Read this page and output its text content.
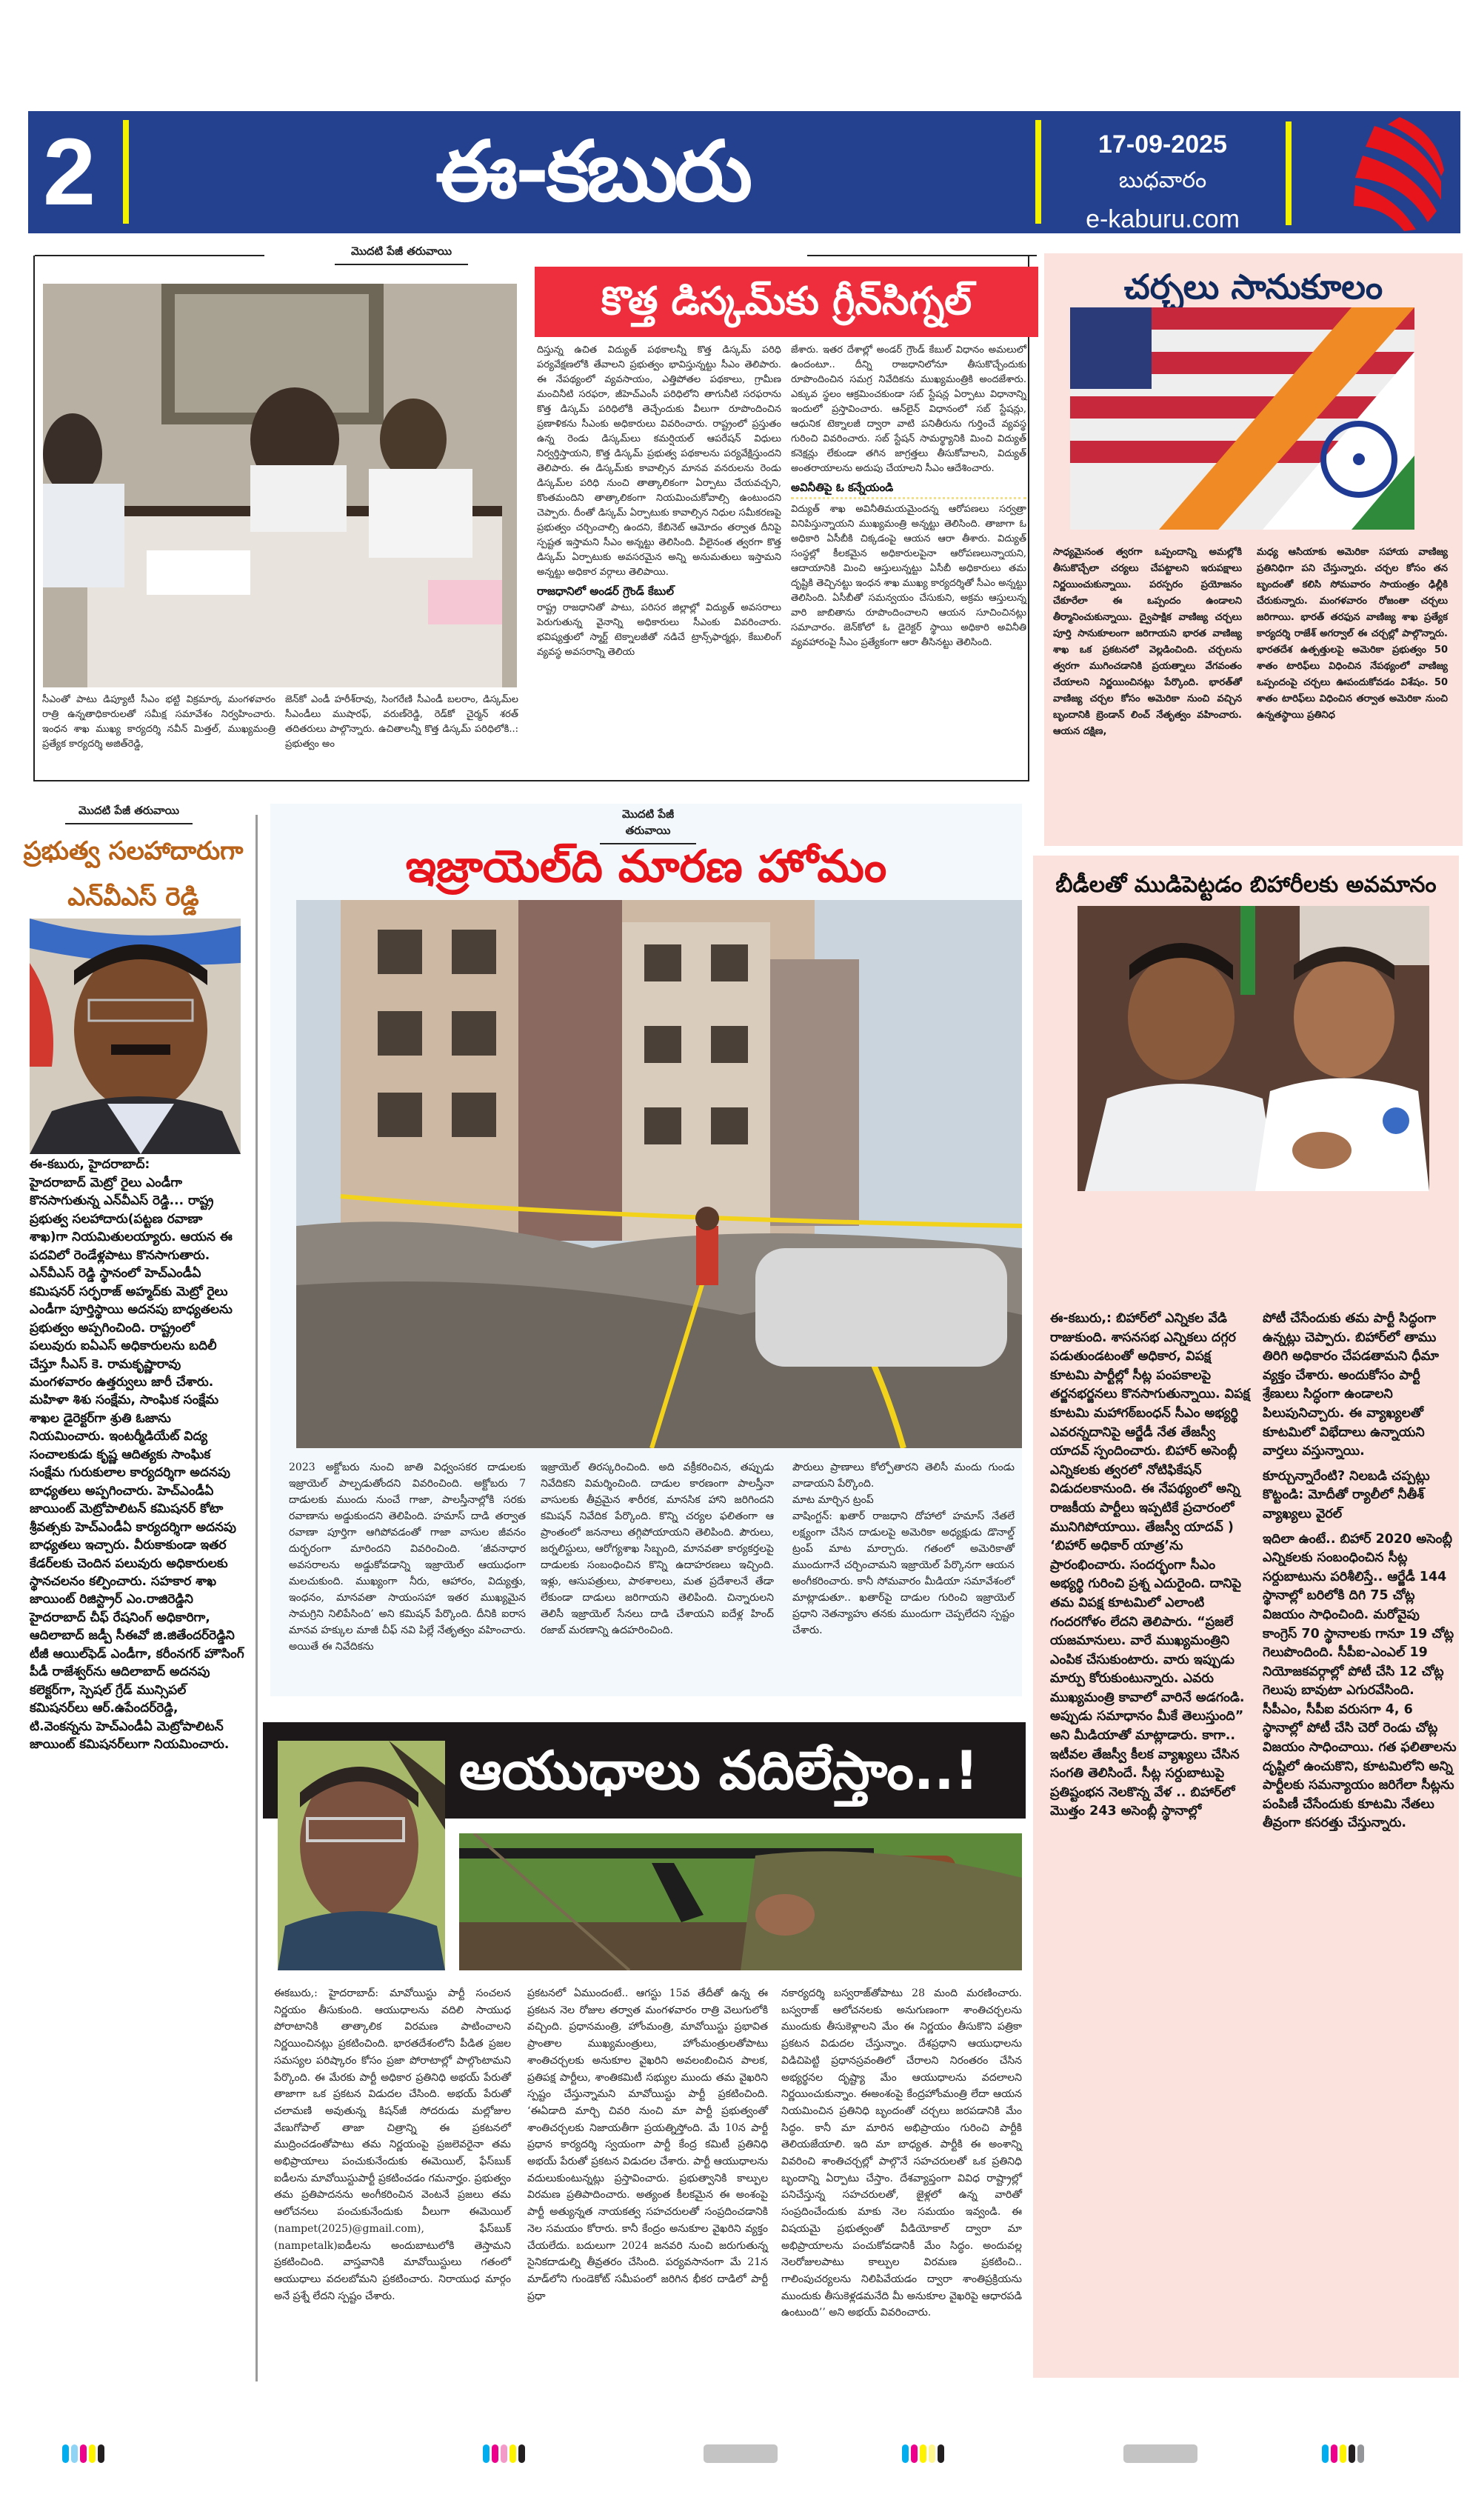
2	ఈ-కబురు	17-09-2025
బుధవారం
e-kaburu.com
మొదటి పేజీ తరువాయి
కొత్త డిస్కమ్‌కు గ్రీన్‌సిగ్నల్
సీఎంతో పాటు డిప్యూటీ సీఎం భట్టి విక్రమార్క మంగళవారం రాత్రి ఉన్నతాధికారులతో సమీక్ష సమావేశం నిర్వహించారు. ఇంధన శాఖ ముఖ్య కార్యదర్శి నవీన్ మిత్తల్, ముఖ్యమంత్రి ప్రత్యేక కార్యదర్శి అజిత్‌రెడ్డి,
జెన్‌కో ఎండీ హరీశ్‌రావు, సింగరేణి సీఎండీ బలరాం, డిస్కమ్‌ల సీఎండీలు ముషారఫ్, వరుణ్‌రెడ్డి, రెడ్‌కో చైర్మన్ శరత్ తదితరులు పాల్గొన్నారు. ఉచితాలన్నీ కొత్త డిస్కమ్ పరిధిలోకి..: ప్రభుత్వం అం
దిస్తున్న ఉచిత విద్యుత్ పథకాలన్నీ కొత్త డిస్కమ్ పరిధి పర్యవేక్షణలోకి తేవాలని ప్రభుత్వం భావిస్తున్నట్టు సీఎం తెలిపారు. ఈ నేపథ్యంలో వ్యవసాయం, ఎత్తిపోతల పథకాలు, గ్రామీణ మంచినీటి సరఫరా, జీహెచ్ఎంసీ పరిధిలోని తాగునీటి సరఫరాను కొత్త డిస్కమ్ పరిధిలోకి తెచ్చేందుకు వీలుగా రూపొందించిన ప్రణాళికను సీఎంకు అధికారులు వివరించారు. రాష్ట్రంలో ప్రస్తుతం ఉన్న రెండు డిస్కమ్‌లు కమర్షియల్ ఆపరేషన్ విధులు నిర్వర్తిస్తాయని, కొత్త డిస్కమ్ ప్రభుత్వ పథకాలను పర్యవేక్షిస్తుందని తెలిపారు. ఈ డిస్కమ్‌కు కావాల్సిన మానవ వనరులను రెండు డిస్కమ్‌ల పరిధి నుంచి తాత్కాలికంగా ఏర్పాటు చేయవచ్చని, కొంతమందిని తాత్కాలికంగా నియమించుకోవాల్సి ఉంటుందని చెప్పారు. దీంతో డిస్కమ్ ఏర్పాటుకు కావాల్సిన నిధుల సమీకరణపై ప్రభుత్వం చర్చించాల్సి ఉందని, కేబినెట్ ఆమోదం తర్వాత దీనిపై స్పష్టత ఇస్తామని సీఎం అన్నట్టు తెలిసింది. వీలైనంత త్వరగా కొత్త డిస్కమ్ ఏర్పాటుకు అవసరమైన అన్ని అనుమతులు ఇస్తామని అన్నట్టు అధికార వర్గాలు తెలిపాయి.
రాజధానిలో అండర్ గ్రౌండ్ కేబుల్
రాష్ట్ర రాజధానితో పాటు, పరిసర జిల్లాల్లో విద్యుత్ అవసరాలు పెరుగుతున్న వైనాన్ని అధికారులు సీఎంకు వివరించారు. భవిష్యత్తులో స్మార్ట్ టెక్నాలజీతో నడిచే ట్రాన్స్‌ఫార్మర్లు, కేబులింగ్ వ్యవస్థ అవసరాన్ని తెలియ
జేశారు. ఇతర దేశాల్లో అండర్ గ్రౌండ్ కేబుల్ విధానం అమలులో ఉందంటూ.. దీన్ని రాజధానిలోనూ తీసుకొచ్చేందుకు రూపొందించిన సమగ్ర నివేదికను ముఖ్యమంత్రికి అందజేశారు. ఎక్కువ స్థలం ఆక్రమించకుండా సబ్ స్టేషన్ల ఏర్పాటు విధానాన్ని ఇందులో ప్రస్తావించారు. ఆన్‌లైన్ విధానంలో సబ్ స్టేషన్లు, ఆధునిక టెక్నాలజీ ద్వారా వాటి పనితీరును గుర్తించే వ్యవస్థ గురించి వివరించారు. సబ్ స్టేషన్ సామర్థ్యానికి మించి విద్యుత్ కనెక్షన్లు లేకుండా తగిన జాగ్రత్తలు తీసుకోవాలని, విద్యుత్ అంతరాయాలను అదుపు చేయాలని సీఎం ఆదేశించారు.
అవినీతిపై ఓ కన్నేయండి
విద్యుత్ శాఖ అవినీతిమయమైందన్న ఆరోపణలు సర్వత్రా వినిపిస్తున్నాయని ముఖ్యమంత్రి అన్నట్టు తెలిసింది. తాజాగా ఓ అధికారి ఏసీబీకి చిక్కడంపై ఆయన ఆరా తీశారు. విద్యుత్ సంస్థల్లో కీలకమైన అధికారులపైనా ఆరోపణలున్నాయని, ఆదాయానికి మించి ఆస్తులున్నట్టు ఏసీబీ అధికారులు తమ దృష్టికి తెచ్చినట్టు ఇంధన శాఖ ముఖ్య కార్యదర్శితో సీఎం అన్నట్టు తెలిసింది. ఏసీబీతో సమన్వయం చేసుకుని, అక్రమ ఆస్తులున్న వారి జాబితాను రూపొందించాలని ఆయన సూచించినట్లు సమాచారం. జెన్‌కోలో ఓ డైరెక్టర్ స్థాయి అధికారి అవినీతి వ్యవహారంపై సీఎం ప్రత్యేకంగా ఆరా తీసినట్టు తెలిసింది.
చర్చలు సానుకూలం
సాధ్యమైనంత త్వరగా ఒప్పందాన్ని అమల్లోకి తీసుకొచ్చేలా చర్యలు చేపట్టాలని ఇరుపక్షాలు నిర్ణయించుకున్నాయి. పరస్పరం ప్రయోజనం చేకూరేలా ఈ ఒప్పందం ఉండాలని తీర్మానించుకున్నాయి. ద్వైపాక్షిక వాణిజ్య చర్చలు పూర్తి సానుకూలంగా జరిగాయని భారత వాణిజ్య శాఖ ఒక ప్రకటనలో వెల్లడించింది. చర్చలను త్వరగా ముగించడానికి ప్రయత్నాలు వేగవంతం చేయాలని నిర్ణయించినట్లు పేర్కొంది. భారత్‌తో వాణిజ్య చర్చల కోసం అమెరికా నుంచి వచ్చిన బృందానికి బ్రెండాన్ లించ్ నేతృత్వం వహించారు. ఆయన దక్షిణ,
మధ్య ఆసియాకు అమెరికా సహాయ వాణిజ్య ప్రతినిధిగా పని చేస్తున్నారు. చర్చల కోసం తన బృందంతో కలిసి సోమవారం సాయంత్రం ఢిల్లీకి చేరుకున్నారు. మంగళవారం రోజంతా చర్చలు జరిగాయి. భారత్ తరఫున వాణిజ్య శాఖ ప్రత్యేక కార్యదర్శి రాజేశ్ అగర్వాల్ ఈ చర్చల్లో పాల్గొన్నారు. భారతదేశ ఉత్పత్తులపై అమెరికా ప్రభుత్వం 50 శాతం టారిఫ్‌లు విధించిన నేపథ్యంలో వాణిజ్య ఒప్పందంపై చర్చలు ఊపందుకోవడం విశేషం. 50 శాతం టారిఫ్‌లు విధించిన తర్వాత అమెరికా నుంచి ఉన్నతస్థాయి ప్రతినిధ
మొదటి పేజీ తరువాయి
ప్రభుత్వ సలహాదారుగా
ఎన్‌వీఎస్ రెడ్డి
ఈ-కబురు, హైదరాబాద్:
హైదరాబాద్ మెట్రో రైలు ఎండీగా కొనసాగుతున్న ఎన్‌వీఎస్ రెడ్డి... రాష్ట్ర ప్రభుత్వ సలహాదారు(పట్టణ రవాణా శాఖ)గా నియమితులయ్యారు. ఆయన ఈ పదవిలో రెండేళ్లపాటు కొనసాగుతారు. ఎన్‌వీఎస్ రెడ్డి స్థానంలో హెచ్‌ఎండీఏ కమిషనర్ సర్ఫరాజ్ అహ్మద్‌కు మెట్రో రైలు ఎండీగా పూర్తిస్థాయి అదనపు బాధ్యతలను ప్రభుత్వం అప్పగించింది. రాష్ట్రంలో పలువురు ఐఏఎస్ అధికారులను బదిలీ చేస్తూ సీఎస్ కె. రామకృష్ణారావు మంగళవారం ఉత్తర్వులు జారీ చేశారు. మహిళా శిశు సంక్షేమ, సాంఘిక సంక్షేమ శాఖల డైరెక్టర్‌గా శ్రుతి ఓజాను నియమించారు. ఇంటర్మీడియేట్ విద్య సంచాలకుడు కృష్ణ ఆదిత్యకు సాంఘిక సంక్షేమ గురుకులాల కార్యదర్శిగా అదనపు బాధ్యతలు అప్పగించారు. హెచ్‌ఎండీఏ జాయింట్ మెట్రోపాలిటన్ కమిషనర్ కోటా శ్రీవత్సకు హెచ్‌ఎండీఏ కార్యదర్శిగా అదనపు బాధ్యతలు ఇచ్చారు. వీరుకాకుండా ఇతర కేడర్‌లకు చెందిన పలువురు అధికారులకు స్థానచలనం కల్పించారు. సహకార శాఖ జాయింట్ రిజిస్ట్రార్ ఎం.రాజిరెడ్డిని హైదరాబాద్ చీఫ్ రేషనింగ్ అధికారిగా, ఆదిలాబాద్ జడ్పీ సీఈవో జి.జితేందర్‌రెడ్డిని టీజీ ఆయిల్‌ఫెడ్ ఎండీగా, కరీంనగర్ హౌసింగ్ పీడీ రాజేశ్వర్‌ను ఆదిలాబాద్ అదనపు కలెక్టర్‌గా, స్పెషల్ గ్రేడ్ మున్సిపల్ కమిషనర్‌లు ఆర్.ఉపేందర్‌రెడ్డి, టి.వెంకన్నను హెచ్‌ఎండీఏ మెట్రోపాలిటన్ జాయింట్ కమిషనర్‌లుగా నియమించారు.
మొదటి పేజీ తరువాయి
ఇజ్రాయెల్‌ది మారణ హోమం
2023 అక్టోబరు నుంచి జాతి విధ్వంసకర దాడులకు ఇజ్రాయెల్ పాల్పడుతోందని వివరించింది. అక్టోబరు 7 దాడులకు ముందు నుంచే గాజా, పాలస్తీనాల్లోకి సరకు రవాణాను అడ్డుకుందని తెలిపింది. హమాస్ దాడి తర్వాత రవాణా పూర్తిగా ఆగిపోవడంతో గాజా వాసుల జీవనం దుర్భరంగా మారిందని వివరించింది. ‘జీవనాధార అవసరాలను అడ్డుకోవడాన్ని ఇజ్రాయెల్ ఆయుధంగా మలచుకుంది. ముఖ్యంగా నీరు, ఆహారం, విద్యుత్తు, ఇంధనం, మానవతా సాయంసహా ఇతర ముఖ్యమైన సామగ్రిని నిలిపేసింది’ అని కమిషన్ పేర్కొంది. దీనికి ఐరాస మానవ హక్కుల మాజీ చీఫ్ నవి పిల్లే నేతృత్వం వహించారు. అయితే ఈ నివేదికను
ఇజ్రాయెల్ తిరస్కరించింది. అది వక్రీకరించిన, తప్పుడు నివేదికని విమర్శించింది. దాడుల కారణంగా పాలస్తీనా వాసులకు తీవ్రమైన శారీరక, మానసిక హాని జరిగిందని కమిషన్ నివేదిక పేర్కొంది. కొన్ని చర్యల ఫలితంగా ఆ ప్రాంతంలో జననాలు తగ్గిపోయాయని తెలిపింది. పౌరులు, జర్నలిస్టులు, ఆరోగ్యశాఖ సిబ్బంది, మానవతా కార్యకర్తలపై దాడులకు సంబంధించిన కొన్ని ఉదాహరణలు ఇచ్చింది. ఇళ్లు, ఆసుపత్రులు, పాఠశాలలు, మత ప్రదేశాలనే తేడా లేకుండా దాడులు జరిగాయని తెలిపింది. చిన్నారులని తెలిసీ ఇజ్రాయెల్ సేనలు దాడి చేశాయని ఐదేళ్ల హింద్ రజాబ్ మరణాన్ని ఉదహరించింది.
పౌరులు ప్రాణాలు కోల్పోతారని తెలిసీ మందు గుండు వాడాయని పేర్కొంది.
మాట మార్చిన ట్రంప్
వాషింగ్టన్: ఖతార్ రాజధాని దోహాలో హమాస్ నేతలే లక్ష్యంగా చేసిన దాడులపై అమెరికా అధ్యక్షుడు డొనాల్డ్ ట్రంప్ మాట మార్చారు. గతంలో అమెరికాతో ముందుగానే చర్చించామని ఇజ్రాయెల్ పేర్కొనగా ఆయన అంగీకరించారు. కానీ సోమవారం మీడియా సమావేశంలో మాట్లాడుతూ.. ఖతార్‌పై దాడుల గురించి ఇజ్రాయెల్ ప్రధాని నెతన్యాహు తనకు ముందుగా చెప్పలేదని స్పష్టం చేశారు.
బీడీలతో ముడిపెట్టడం బిహారీలకు అవమానం
ఈ-కబురు,: బిహార్‌లో ఎన్నికల వేడి రాజుకుంది. శాసనసభ ఎన్నికలు దగ్గర పడుతుండటంతో అధికార, విపక్ష కూటమి పార్టీల్లో సీట్ల పంపకాలపై తర్జనభర్జనలు కొనసాగుతున్నాయి. విపక్ష కూటమి మహాగఠ్‌బంధన్ సీఎం అభ్యర్థి ఎవరన్నదానిపై ఆర్జేడీ నేత తేజస్వీ యాదవ్ స్పందించారు. బిహార్ అసెంబ్లీ ఎన్నికలకు త్వరలో నోటిఫికేషన్ విడుదలకానుంది. ఈ నేపథ్యంలో అన్ని రాజకీయ పార్టీలు ఇప్పటికే ప్రచారంలో మునిగిపోయాయి. తేజస్వీ యాదవ్ ) ‘బిహార్ అధికార్ యాత్ర’ను ప్రారంభించారు. సందర్భంగా సీఎం అభ్యర్థి గురించి ప్రశ్న ఎదురైంది. దానిపై తమ విపక్ష కూటమిలో ఎలాంటి గందరగోళం లేదని తెలిపారు. “ప్రజలే యజమానులు. వారే ముఖ్యమంత్రిని ఎంపిక చేసుకుంటారు. వారు ఇప్పుడు మార్పు కోరుకుంటున్నారు. ఎవరు ముఖ్యమంత్రి కావాలో వారినే అడగండి. అప్పుడు సమాధానం మీకే తెలుస్తుంది” అని మీడియాతో మాట్లాడారు. కాగా.. ఇటీవల తేజస్వీ కీలక వ్యాఖ్యలు చేసిన సంగతి తెలిసిందే. సీట్ల సర్దుబాటుపై ప్రతిష్టంభన నెలకొన్న వేళ .. బిహార్‌లో మొత్తం 243 అసెంబ్లీ స్థానాల్లో
పోటీ చేసేందుకు తమ పార్టీ సిద్ధంగా ఉన్నట్లు చెప్పారు. బిహార్‌లో తాము తిరిగి అధికారం చేపడతామని ధీమా వ్యక్తం చేశారు. అందుకోసం పార్టీ శ్రేణులు సిద్ధంగా ఉండాలని పిలుపునిచ్చారు. ఈ వ్యాఖ్యలతో కూటమిలో విభేదాలు ఉన్నాయని వార్తలు వస్తున్నాయి.
కూర్చున్నారేంటి? నిలబడి చప్పట్లు కొట్టండి: మోదీతో ర్యాలీలో నీతీశ్ వ్యాఖ్యలు వైరల్
ఇదిలా ఉంటే.. బిహార్ 2020 అసెంబ్లీ ఎన్నికలకు సంబంధించిన సీట్ల సర్దుబాటును పరిశీలిస్తే.. ఆర్జేడీ 144 స్థానాల్లో బరిలోకి దిగి 75 చోట్ల విజయం సాధించింది. మరోవైపు కాంగ్రెస్ 70 స్థానాలకు గానూ 19 చోట్ల గెలుపొందింది. సీపీఐ-ఎంఎల్ 19 నియోజకవర్గాల్లో పోటీ చేసి 12 చోట్ల గెలుపు బావుటా ఎగురవేసింది. సీపీఎం, సీపీఐ వరుసగా 4, 6 స్థానాల్లో పోటీ చేసి చెరో రెండు చోట్ల విజయం సాధించాయి. గత ఫలితాలను దృష్టిలో ఉంచుకొని, కూటమిలోని అన్ని పార్టీలకు సమన్యాయం జరిగేలా సీట్లను పంపిణీ చేసేందుకు కూటమి నేతలు తీవ్రంగా కసరత్తు చేస్తున్నారు.
ఆయుధాలు వదిలేస్తాం..!
ఈకబురు,: హైదరాబాద్: మావోయిస్టు పార్టీ సంచలన నిర్ణయం తీసుకుంది. ఆయుధాలను వదిలి సాయుధ పోరాటానికి తాత్కాలిక విరమణ పాటించాలని నిర్ణయించినట్లు ప్రకటించింది. భారతదేశంలోని పీడిత ప్రజల సమస్యల పరిష్కారం కోసం ప్రజా పోరాటాల్లో పాల్గొంటామని పేర్కొంది. ఈ మేరకు పార్టీ అధికార ప్రతినిధి అభయ్ పేరుతో తాజాగా ఒక ప్రకటన విడుదల చేసింది. అభయ్ పేరుతో చలామణి అవుతున్న కిషన్‌జీ సోదరుడు మల్లోజుల వేణుగోపాల్ తాజా చిత్రాన్ని ఈ ప్రకటనలో ముద్రించడంతోపాటు తమ నిర్ణయంపై ప్రజలెవరైనా తమ అభిప్రాయాలు పంచుకునేందుకు ఈమెయిల్, ఫేస్‌బుక్ ఐడీలను మావోయిస్టుపార్టీ ప్రకటించడం గమనార్హం. ప్రభుత్వం తమ ప్రతిపాదనను అంగీకరించిన వెంటనే ప్రజలు తమ ఆలోచనలు పంచుకునేందుకు వీలుగా ఈమెయిల్ (nampet(2025)@gmail.com), ఫేస్‌బుక్ (nampetalk)ఐడీలను అందుబాటులోకి తెస్తామని ప్రకటించింది. వాస్తవానికి మావోయిస్టులు గతంలో ఆయుధాలు వదలబోమని ప్రకటించారు. నిరాయుధ మార్గం అనే ప్రశ్నే లేదని స్పష్టం చేశారు.
ప్రకటనలో ఏముందంటే.. ఆగస్టు 15వ తేదీతో ఉన్న ఈ ప్రకటన నెల రోజుల తర్వాత మంగళవారం రాత్రి వెలుగులోకి వచ్చింది. ప్రధానమంత్రి, హోంమంత్రి, మావోయిస్టు ప్రభావిత ప్రాంతాల ముఖ్యమంత్రులు, హోంమంత్రులతోపాటు శాంతిచర్చలకు అనుకూల వైఖరిని అవలంబించిన పాలక, ప్రతిపక్ష పార్టీలు, శాంతికమిటీ సభ్యుల ముందు తమ వైఖరిని స్పష్టం చేస్తున్నామని మావోయిస్టు పార్టీ ప్రకటించింది. ‘ఈఏడాది మార్చి చివరి నుంచి మా పార్టీ ప్రభుత్వంతో శాంతిచర్చలకు నిజాయతీగా ప్రయత్నిస్తోంది. మే 10న పార్టీ ప్రధాన కార్యదర్శి స్వయంగా పార్టీ కేంద్ర కమిటీ ప్రతినిధి అభయ్ పేరుతో ప్రకటన విడుదల చేశారు. పార్టీ ఆయుధాలను వదులుకుంటున్నట్లు ప్రస్తావించారు. ప్రభుత్వానికి కాల్పుల విరమణ ప్రతిపాదించారు. అత్యంత కీలకమైన ఈ అంశంపై పార్టీ అత్యున్నత నాయకత్వ సహచరులతో సంప్రదించడానికి నెల సమయం కోరారు. కానీ కేంద్రం అనుకూల వైఖరిని వ్యక్తం చేయలేదు. బదులుగా 2024 జనవరి నుంచి జరుగుతున్న సైనికదాడుల్ని తీవ్రతరం చేసింది. పర్యవసానంగా మే 21న మాడ్‌లోని గుండెకోట్ సమీపంలో జరిగిన భీకర దాడిలో పార్టీ ప్రధా
నకార్యదర్శి బస్వరాజ్‌తోపాటు 28 మంది మరణించారు. బస్వరాజ్ ఆలోచనలకు అనుగుణంగా శాంతిచర్చలను ముందుకు తీసుకెళ్లాలని మేం ఈ నిర్ణయం తీసుకొని పత్రికా ప్రకటన విడుదల చేస్తున్నాం. దేశప్రధాని ఆయుధాలను విడిచిపెట్టి ప్రధానస్రవంతిలో చేరాలని నిరంతరం చేసిన అభ్యర్థనల దృష్ట్యా మేం ఆయుధాలను వదలాలని నిర్ణయించుకున్నాం. ఈఅంశంపై కేంద్రహోంమంత్రి లేదా ఆయన నియమించిన ప్రతినిధి బృందంతో చర్చలు జరపడానికి మేం సిద్ధం. కానీ మా మారిన అభిప్రాయం గురించి పార్టీకి తెలియజేయాలి. ఇది మా బాధ్యత. పార్టీకి ఈ అంశాన్ని వివరించి శాంతిచర్చల్లో పాల్గొనే సహచరులతో ఒక ప్రతినిధి బృందాన్ని ఏర్పాటు చేస్తాం. దేశవ్యాప్తంగా వివిధ రాష్ట్రాల్లో పనిచేస్తున్న సహచరులతో, జైళ్లలో ఉన్న వారితో సంప్రదించేందుకు మాకు నెల సమయం ఇవ్వండి. ఈ విషయమై ప్రభుత్వంతో వీడియోకాల్ ద్వారా మా అభిప్రాయాలను పంచుకోవడానికీ మేం సిద్ధం. అందువల్ల నెలరోజులపాటు కాల్పుల విరమణ ప్రకటించి.. గాలింపుచర్యలను నిలిపివేయడం ద్వారా శాంతిప్రక్రియను ముందుకు తీసుకెళ్లడమనేది మీ అనుకూల వైఖరిపై ఆధారపడి ఉంటుంది’’ అని అభయ్ వివరించారు.
